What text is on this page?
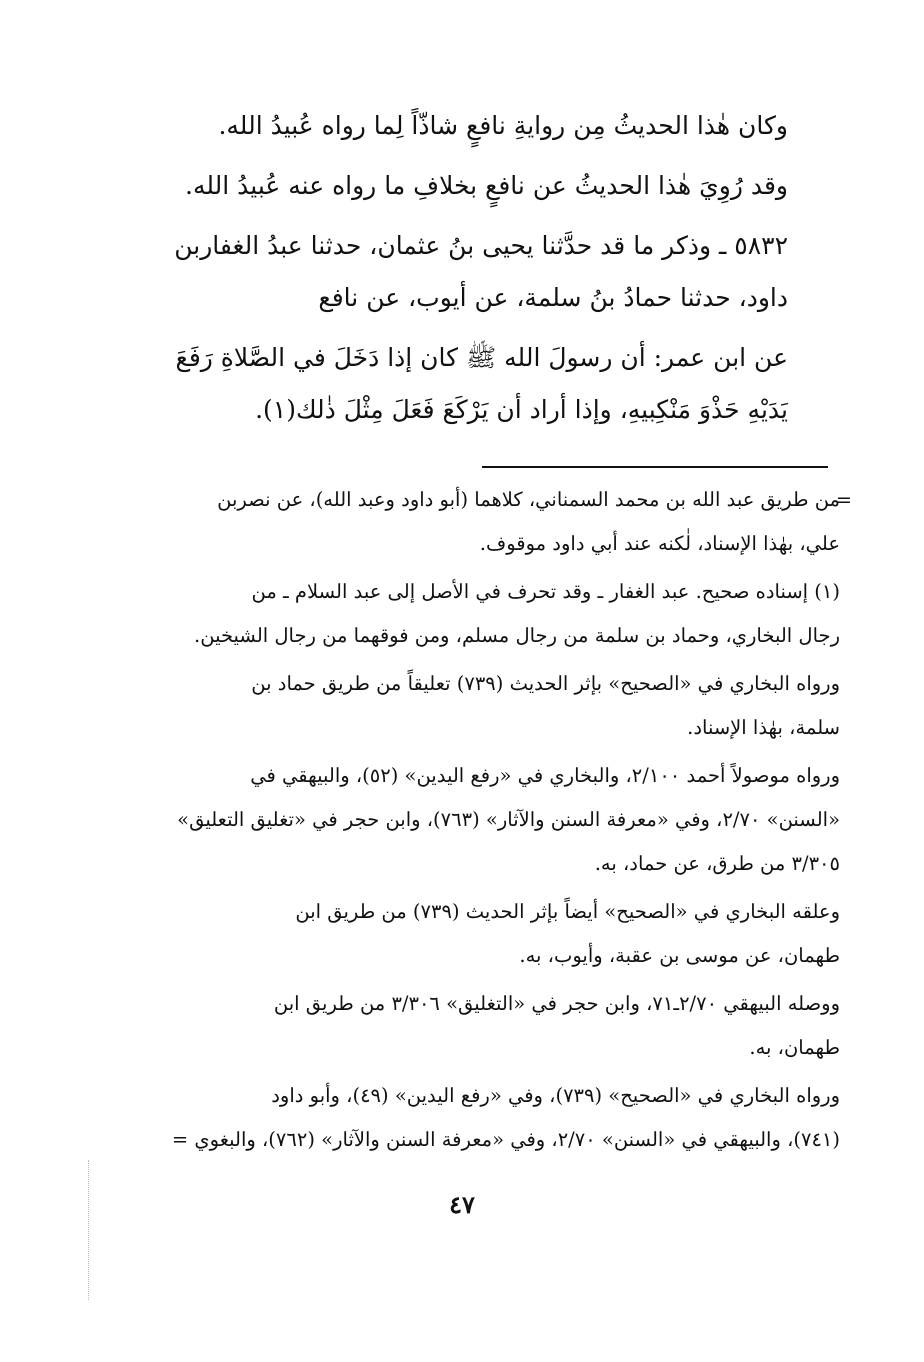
وكان هٰذا الحديثُ مِن روايةِ نافعٍ شاذّاً لِما رواه عُبيدُ الله.
وقد رُوِيَ هٰذا الحديثُ عن نافعٍ بخلافِ ما رواه عنه عُبيدُ الله.
٥٨٣٢ ـ وذكر ما قد حدَّثنا يحيى بنُ عثمان، حدثنا عبدُ الغفاربن
داود، حدثنا حمادُ بنُ سلمة، عن أيوب، عن نافع
عن ابن عمر: أن رسولَ الله ﷺ كان إذا دَخَلَ في الصَّلاةِ رَفَعَ
يَدَيْهِ حَذْوَ مَنْكِبيهِ، وإذا أراد أن يَرْكَعَ فَعَلَ مِثْلَ ذٰلك(١).
=
من طريق عبد الله بن محمد السمناني، كلاهما (أبو داود وعبد الله)، عن نصربن
علي، بهٰذا الإسناد، لٰكنه عند أبي داود موقوف.
(١) إسناده صحيح. عبد الغفار ـ وقد تحرف في الأصل إلى عبد السلام ـ من
رجال البخاري، وحماد بن سلمة من رجال مسلم، ومن فوقهما من رجال الشيخين.
ورواه البخاري في «الصحيح» بإثر الحديث (٧٣٩) تعليقاً من طريق حماد بن
سلمة، بهٰذا الإسناد.
ورواه موصولاً أحمد ٢/١٠٠، والبخاري في «رفع اليدين» (٥٢)، والبيهقي في
«السنن» ٢/٧٠، وفي «معرفة السنن والآثار» (٧٦٣)، وابن حجر في «تغليق التعليق»
٣/٣٠٥ من طرق، عن حماد، به.
وعلقه البخاري في «الصحيح» أيضاً بإثر الحديث (٧٣٩) من طريق ابن
طهمان، عن موسى بن عقبة، وأيوب، به.
ووصله البيهقي ٢/٧٠ـ٧١، وابن حجر في «التغليق» ٣/٣٠٦ من طريق ابن
طهمان، به.
ورواه البخاري في «الصحيح» (٧٣٩)، وفي «رفع اليدين» (٤٩)، وأبو داود
(٧٤١)، والبيهقي في «السنن» ٢/٧٠، وفي «معرفة السنن والآثار» (٧٦٢)، والبغوي =
٤٧
